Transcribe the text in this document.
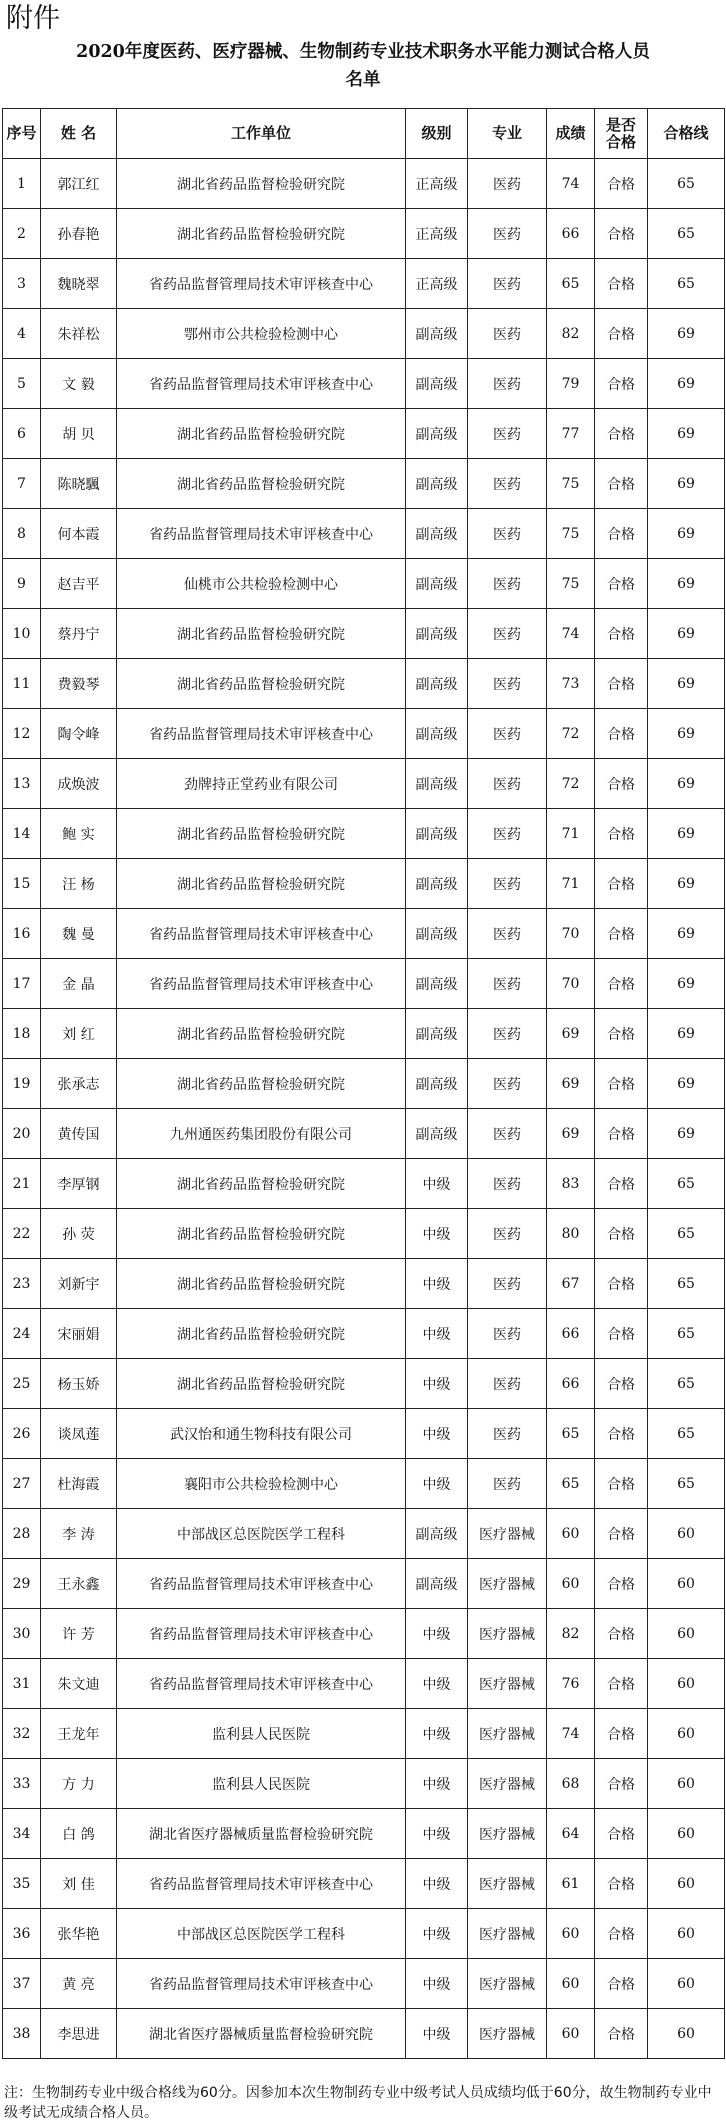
附件
2020年度医药、医疗器械、生物制药专业技术职务水平能力测试合格人员
名单
序号	姓 名	工作单位	级别	专业	成绩	是否合格	合格线
1	郭江红	湖北省药品监督检验研究院	正高级	医药	74	合格	65
2	孙春艳	湖北省药品监督检验研究院	正高级	医药	66	合格	65
3	魏晓翠	省药品监督管理局技术审评核查中心	正高级	医药	65	合格	65
4	朱祥松	鄂州市公共检验检测中心	副高级	医药	82	合格	69
5	文 毅	省药品监督管理局技术审评核查中心	副高级	医药	79	合格	69
6	胡 贝	湖北省药品监督检验研究院	副高级	医药	77	合格	69
7	陈晓颿	湖北省药品监督检验研究院	副高级	医药	75	合格	69
8	何本霞	省药品监督管理局技术审评核查中心	副高级	医药	75	合格	69
9	赵吉平	仙桃市公共检验检测中心	副高级	医药	75	合格	69
10	蔡丹宁	湖北省药品监督检验研究院	副高级	医药	74	合格	69
11	费毅琴	湖北省药品监督检验研究院	副高级	医药	73	合格	69
12	陶令峰	省药品监督管理局技术审评核查中心	副高级	医药	72	合格	69
13	成焕波	劲牌持正堂药业有限公司	副高级	医药	72	合格	69
14	鲍 实	湖北省药品监督检验研究院	副高级	医药	71	合格	69
15	汪 杨	湖北省药品监督检验研究院	副高级	医药	71	合格	69
16	魏 曼	省药品监督管理局技术审评核查中心	副高级	医药	70	合格	69
17	金 晶	省药品监督管理局技术审评核查中心	副高级	医药	70	合格	69
18	刘 红	湖北省药品监督检验研究院	副高级	医药	69	合格	69
19	张承志	湖北省药品监督检验研究院	副高级	医药	69	合格	69
20	黄传国	九州通医药集团股份有限公司	副高级	医药	69	合格	69
21	李厚钢	湖北省药品监督检验研究院	中级	医药	83	合格	65
22	孙 荧	湖北省药品监督检验研究院	中级	医药	80	合格	65
23	刘新宇	湖北省药品监督检验研究院	中级	医药	67	合格	65
24	宋丽娟	湖北省药品监督检验研究院	中级	医药	66	合格	65
25	杨玉娇	湖北省药品监督检验研究院	中级	医药	66	合格	65
26	谈凤莲	武汉怡和通生物科技有限公司	中级	医药	65	合格	65
27	杜海霞	襄阳市公共检验检测中心	中级	医药	65	合格	65
28	李 涛	中部战区总医院医学工程科	副高级	医疗器械	60	合格	60
29	王永鑫	省药品监督管理局技术审评核查中心	副高级	医疗器械	60	合格	60
30	许 芳	省药品监督管理局技术审评核查中心	中级	医疗器械	82	合格	60
31	朱文迪	省药品监督管理局技术审评核查中心	中级	医疗器械	76	合格	60
32	王龙年	监利县人民医院	中级	医疗器械	74	合格	60
33	方 力	监利县人民医院	中级	医疗器械	68	合格	60
34	白 鸽	湖北省医疗器械质量监督检验研究院	中级	医疗器械	64	合格	60
35	刘 佳	省药品监督管理局技术审评核查中心	中级	医疗器械	61	合格	60
36	张华艳	中部战区总医院医学工程科	中级	医疗器械	60	合格	60
37	黄 亮	省药品监督管理局技术审评核查中心	中级	医疗器械	60	合格	60
38	李思进	湖北省医疗器械质量监督检验研究院	中级	医疗器械	60	合格	60
注：生物制药专业中级合格线为60分。因参加本次生物制药专业中级考试人员成绩均低于60分，故生物制药专业中级考试无成绩合格人员。
